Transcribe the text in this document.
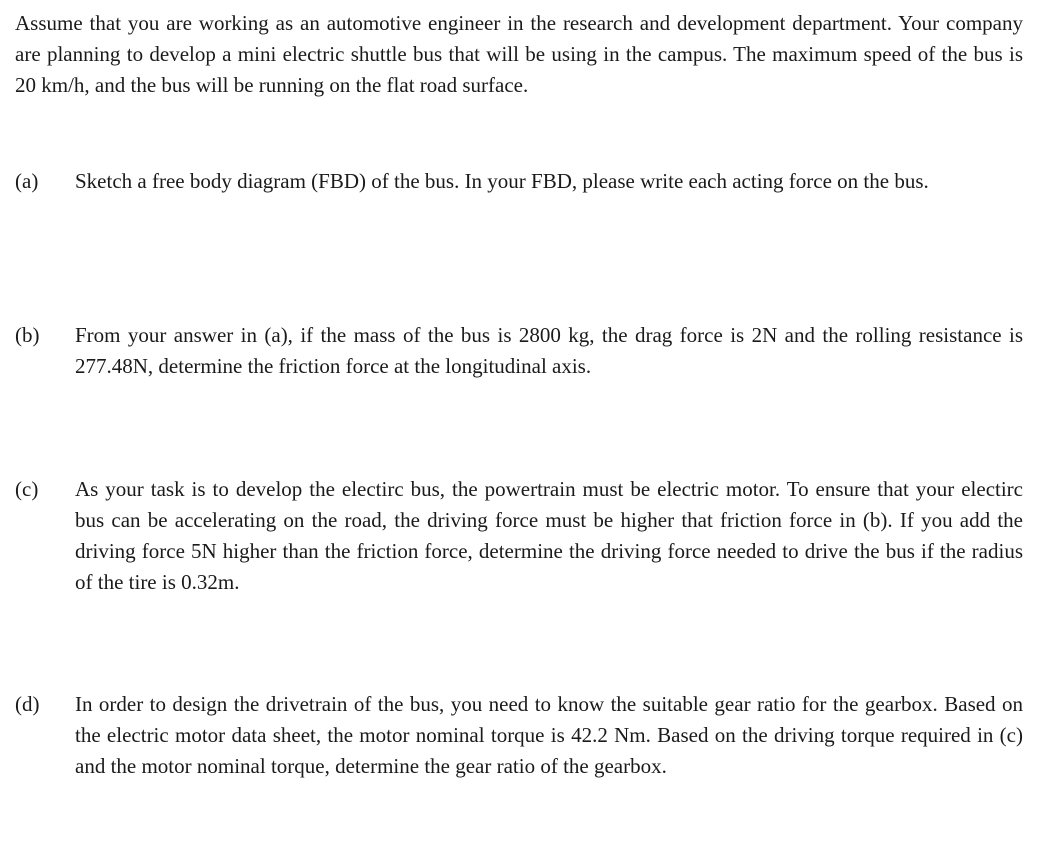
Assume that you are working as an automotive engineer in the research and development department. Your company are planning to develop a mini electric shuttle bus that will be using in the campus. The maximum speed of the bus is 20 km/h, and the bus will be running on the flat road surface.

(a)	Sketch a free body diagram (FBD) of the bus. In your FBD, please write each acting force on the bus.

(b)	From your answer in (a), if the mass of the bus is 2800 kg, the drag force is 2N and the rolling resistance is 277.48N, determine the friction force at the longitudinal axis.

(c)	As your task is to develop the electirc bus, the powertrain must be electric motor. To ensure that your electirc bus can be accelerating on the road, the driving force must be higher that friction force in (b). If you add the driving force 5N higher than the friction force, determine the driving force needed to drive the bus if the radius of the tire is 0.32m.

(d)	In order to design the drivetrain of the bus, you need to know the suitable gear ratio for the gearbox. Based on the electric motor data sheet, the motor nominal torque is 42.2 Nm. Based on the driving torque required in (c) and the motor nominal torque, determine the gear ratio of the gearbox.
